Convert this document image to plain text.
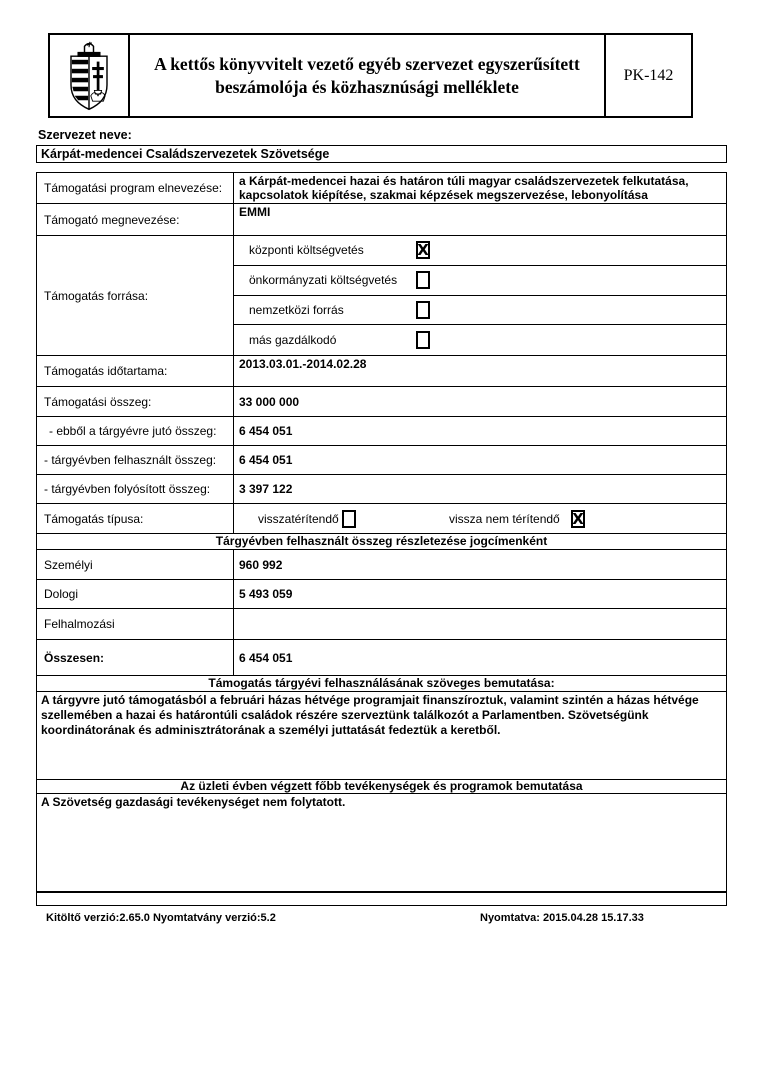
A kettős könyvvitelt vezető egyéb szervezet egyszerűsített beszámolója és közhasznúsági melléklete
PK-142
Szervezet neve:
Kárpát-medencei Családszervezetek Szövetsége
Támogatási program elnevezése:	a Kárpát-medencei hazai és határon túli magyar családszervezetek felkutatása, kapcsolatok kiépítése, szakmai képzések megszervezése, lebonyolítása
Támogató megnevezése:
EMMI
Támogatás forrása:
központi költségvetés	X
önkormányzati költségvetés
nemzetközi forrás
más gazdálkodó
Támogatás időtartama:	2013.03.01.-2014.02.28
Támogatási összeg:	33 000 000
- ebből a tárgyévre jutó összeg:	6 454 051
- tárgyévben felhasznált összeg:	6 454 051
- tárgyévben folyósított összeg:	3 397 122
Támogatás típusa:	visszatérítendő	vissza nem térítendő X
Tárgyévben felhasznált összeg részletezése jogcímenként
Személyi	960 992
Dologi	5 493 059
Felhalmozási
Összesen:	6 454 051
Támogatás tárgyévi felhasználásának szöveges bemutatása:
A tárgyvre jutó támogatásból a februári házas hétvége programjait finanszíroztuk, valamint szintén a házas hétvége szellemében a hazai és határontúli családok részére szerveztünk találkozót a Parlamentben. Szövetségünk koordinátorának és adminisztrátorának a személyi juttatását fedeztük a keretből.
Az üzleti évben végzett főbb tevékenységek és programok bemutatása
A Szövetség gazdasági tevékenységet nem folytatott.
Kitöltő verzió:2.65.0 Nyomtatvány verzió:5.2	Nyomtatva: 2015.04.28 15.17.33
